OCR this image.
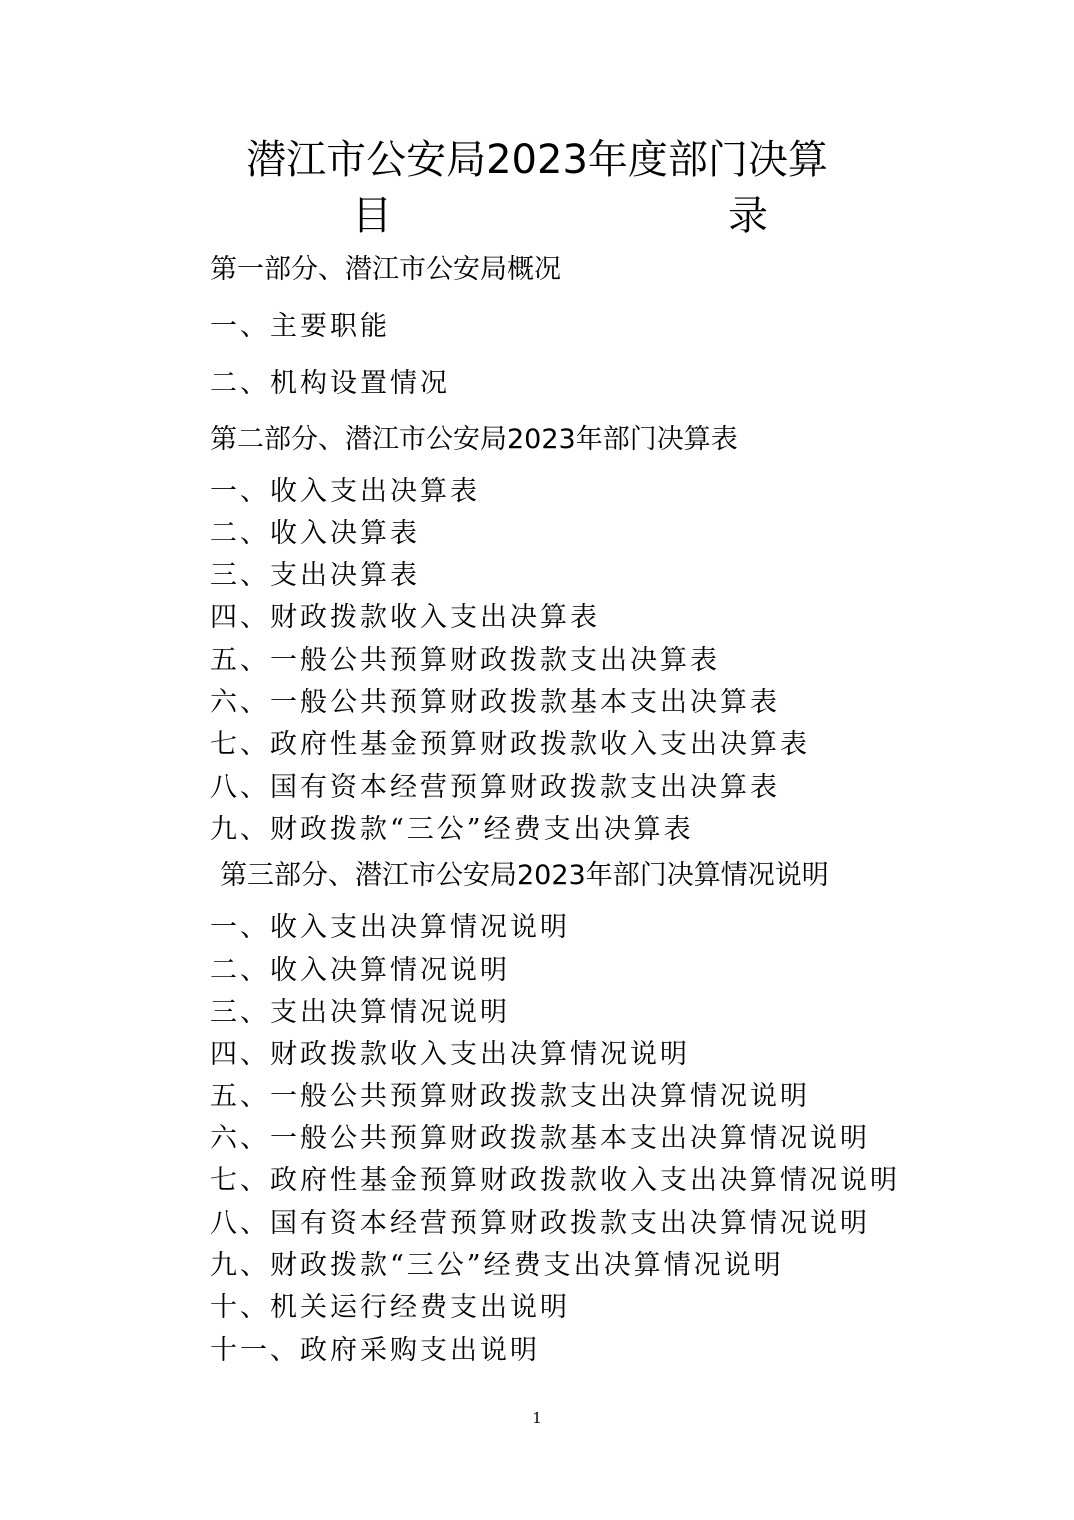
潜江市公安局2023年度部门决算
目	录
第一部分、潜江市公安局概况
一、主要职能
二、机构设置情况
第二部分、潜江市公安局2023年部门决算表
一、收入支出决算表
二、收入决算表
三、支出决算表
四、财政拨款收入支出决算表
五、一般公共预算财政拨款支出决算表
六、一般公共预算财政拨款基本支出决算表
七、政府性基金预算财政拨款收入支出决算表
八、国有资本经营预算财政拨款支出决算表
九、财政拨款“三公”经费支出决算表
第三部分、潜江市公安局2023年部门决算情况说明
一、收入支出决算情况说明
二、收入决算情况说明
三、支出决算情况说明
四、财政拨款收入支出决算情况说明
五、一般公共预算财政拨款支出决算情况说明
六、一般公共预算财政拨款基本支出决算情况说明
七、政府性基金预算财政拨款收入支出决算情况说明
八、国有资本经营预算财政拨款支出决算情况说明
九、财政拨款“三公”经费支出决算情况说明
十、机关运行经费支出说明
十一、政府采购支出说明
1
